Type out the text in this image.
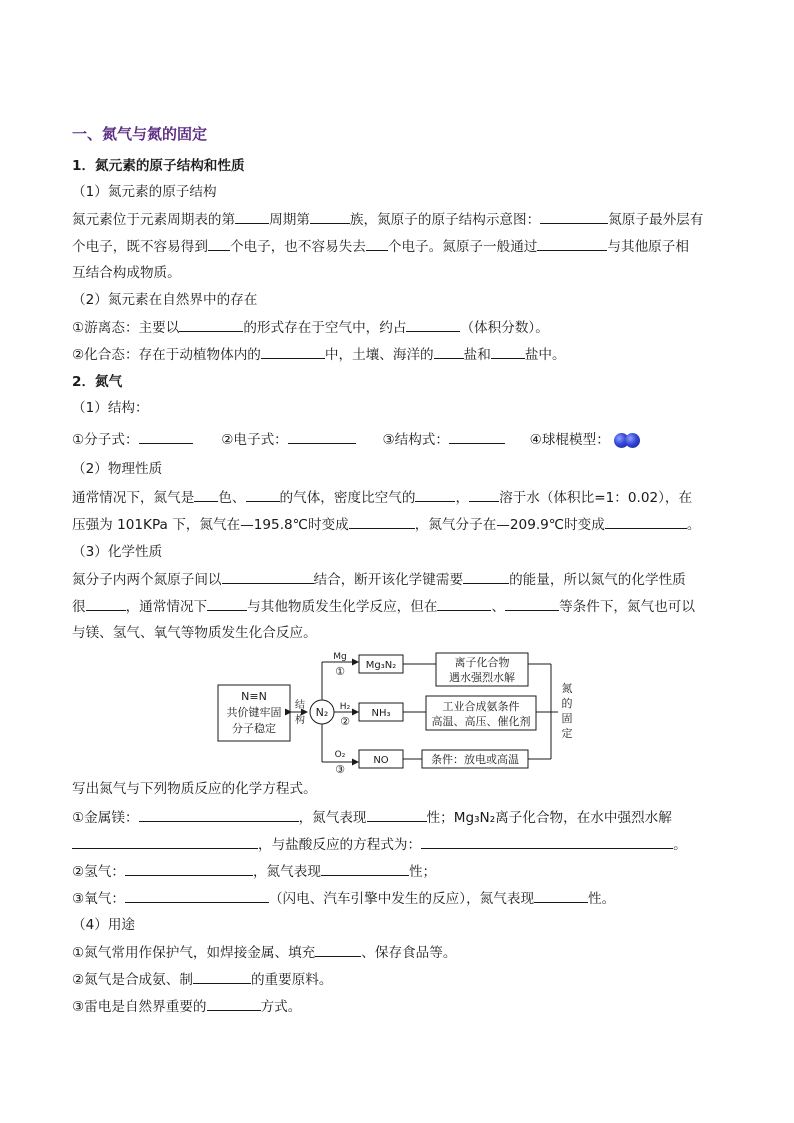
一、氮气与氮的固定
1．氮元素的原子结构和性质
（1）氮元素的原子结构
氮元素位于元素周期表的第	周期第	族，氮原子的原子结构示意图：	氮原子最外层有
个电子，既不容易得到 个电子，也不容易失去 个电子。氮原子一般通过	与其他原子相
互结合构成物质。
（2）氮元素在自然界中的存在
①游离态：主要以	的形式存在于空气中，约占	（体积分数）。
②化合态：存在于动植物体内的	中，土壤、海洋的 盐和	盐中。
2．氮气
（1）结构：
①分子式：	②电子式：	③结构式：	④球棍模型：
（2）物理性质
通常情况下，氮气是 色、	的气体，密度比空气的	， 溶于水（体积比=1：0.02），在
压强为 101KPa 下，氮气在—195.8℃时变成	，氮气分子在—209.9℃时变成	。
（3）化学性质
氮分子内两个氮原子间以	结合，断开该化学键需要	的能量，所以氮气的化学性质
很	，通常情况下	与其他物质发生化学反应，但在	、	等条件下，氮气也可以
与镁、氢气、氧气等物质发生化合反应。
N≡N
共价键牢固
分子稳定
结
构
N₂
Mg
①
H₂
②
O₂
③
Mg₃N₂
NH₃
NO
离子化合物
遇水强烈水解
工业合成氨条件
高温、高压、催化剂
条件：放电或高温
氮
的
固
定
写出氮气与下列物质反应的化学方程式。
①金属镁：	，氮气表现	性；Mg₃N₂离子化合物，在水中强烈水解
，与盐酸反应的方程式为：	。
②氢气：	，氮气表现	性；
③氧气：	（闪电、汽车引擎中发生的反应），氮气表现	性。
（4）用途
①氮气常用作保护气，如焊接金属、填充	、保存食品等。
②氮气是合成氨、制	的重要原料。
③雷电是自然界重要的	方式。
